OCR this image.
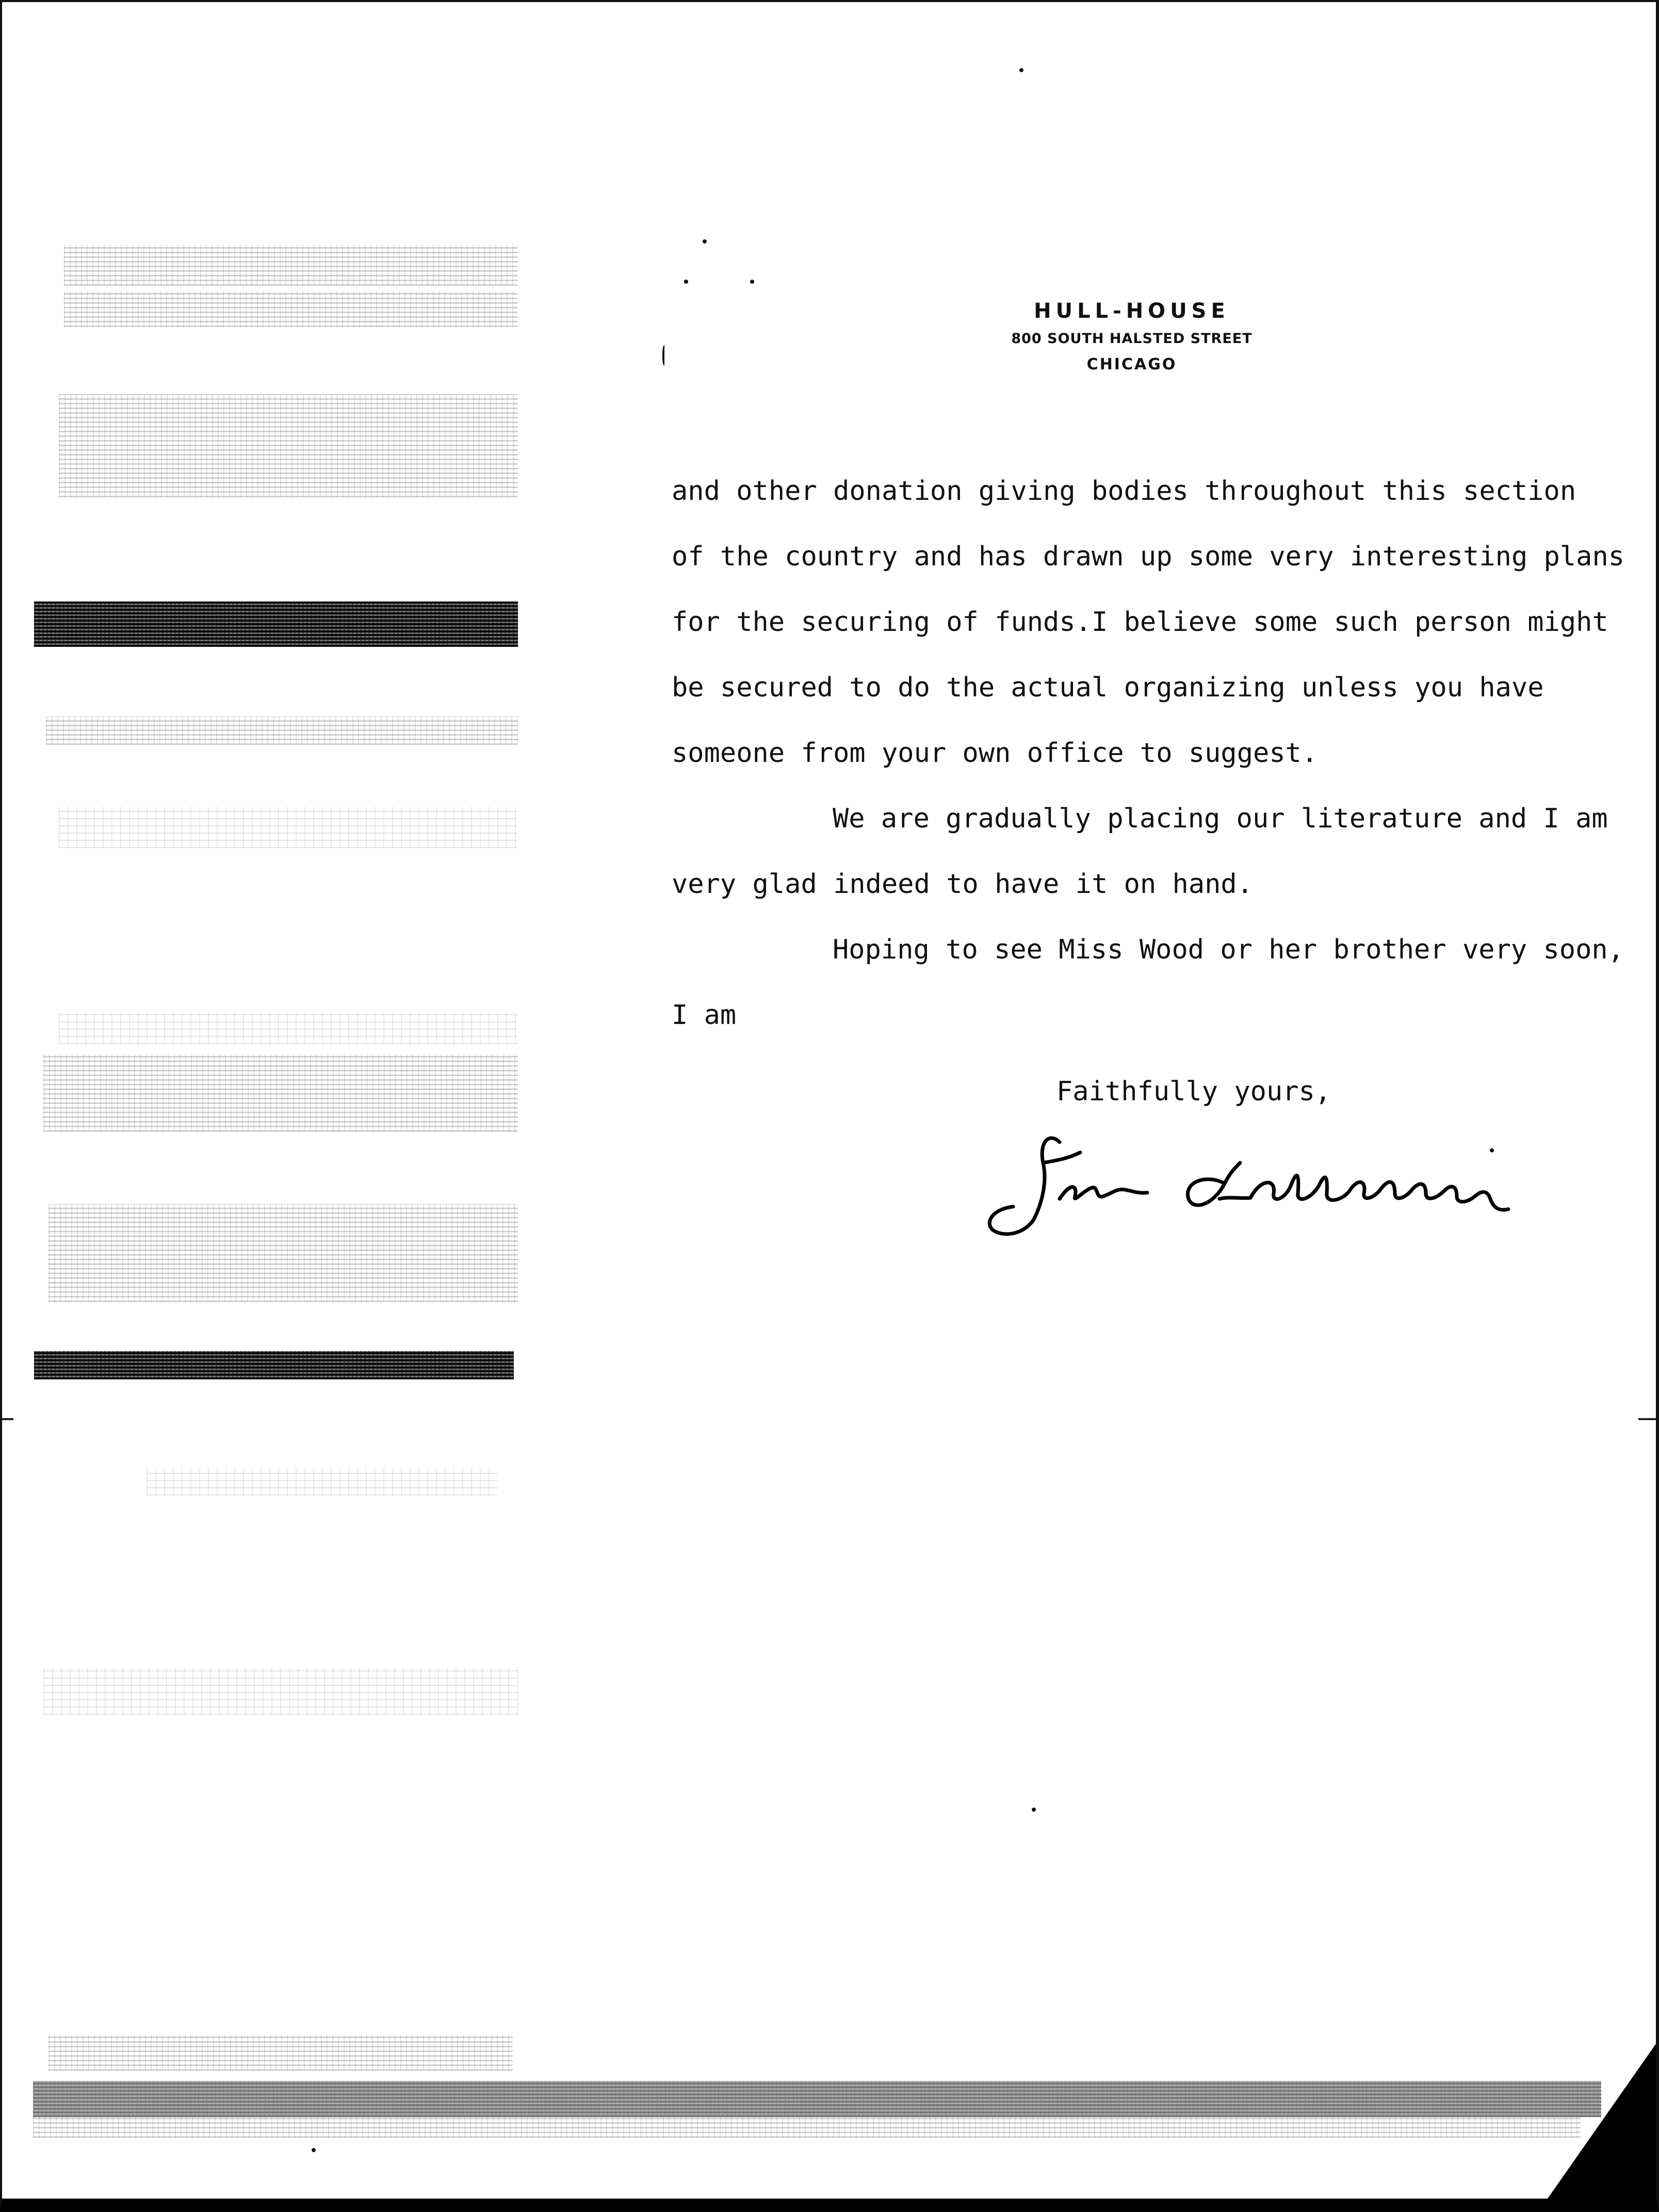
HULL-HOUSE
800 SOUTH HALSTED STREET
CHICAGO
and other donation giving bodies throughout this section
of the country and has drawn up some very interesting plans
for the securing of funds.I believe some such person might
be secured to do the actual organizing unless you have
someone from your own office to suggest.
We are gradually placing our literature and I am
very glad indeed to have it on hand.
Hoping to see Miss Wood or her brother very soon,
I am
Faithfully yours,
